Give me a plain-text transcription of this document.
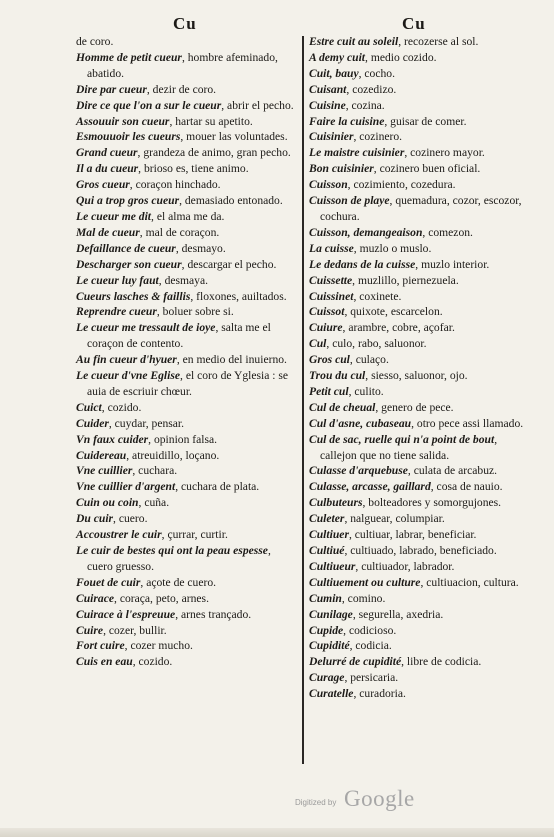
Cu	Cu

de coro.

Homme de petit cueur, hombre afeminado, abatido.

Dire par cueur, dezir de coro.

Dire ce que l'on a sur le cueur, abrir el pecho.

Assouuir son cueur, hartar su apetito.

Esmouuoir les cueurs, mouer las voluntades.

Grand cueur, grandeza de animo, gran pecho.

Il a du cueur, brioso es, tiene animo.

Gros cueur, coraçon hinchado.

Qui a trop gros cueur, demasiado entonado.

Le cueur me dit, el alma me da.

Mal de cueur, mal de coraçon.

Defaillance de cueur, desmayo.

Descharger son cueur, descargar el pecho.

Le cueur luy faut, desmaya.

Cueurs lasches & faillis, floxones, auiltados.

Reprendre cueur, boluer sobre si.

Le cueur me tressault de ioye, salta me el coraçon de contento.

Au fin cueur d'hyuer, en medio del inuierno.

Le cueur d'vne Eglise, el coro de Yglesia : se auia de escriuir chœur.

Cuict, cozido.

Cuider, cuydar, pensar.

Vn faux cuider, opinion falsa.

Cuidereau, atreuidillo, loçano.

Vne cuillier, cuchara.

Vne cuillier d'argent, cuchara de plata.

Cuin ou coin, cuña.

Du cuir, cuero.

Accoustrer le cuir, çurrar, curtir.

Le cuir de bestes qui ont la peau espesse, cuero gruesso.

Fouet de cuir, açote de cuero.

Cuirace, coraça, peto, arnes.

Cuirace à l'espreuue, arnes trançado.

Cuire, cozer, bullir.

Fort cuire, cozer mucho.

Cuis en eau, cozido.

Estre cuit au soleil, recozerse al sol.

A demy cuit, medio cozido.

Cuit, bauy, cocho.

Cuisant, cozedizo.

Cuisine, cozina.

Faire la cuisine, guisar de comer.

Cuisinier, cozinero.

Le maistre cuisinier, cozinero mayor.

Bon cuisinier, cozinero buen oficial.

Cuisson, cozimiento, cozedura.

Cuisson de playe, quemadura, cozor, escozor, cochura.

Cuisson, demangeaison, comezon.

La cuisse, muzlo o muslo.

Le dedans de la cuisse, muzlo interior.

Cuissette, muzlillo, piernezuela.

Cuissinet, coxinete.

Cuissot, quixote, escarcelon.

Cuiure, arambre, cobre, açofar.

Cul, culo, rabo, saluonor.

Gros cul, culaço.

Trou du cul, siesso, saluonor, ojo.

Petit cul, culito.

Cul de cheual, genero de pece.

Cul d'asne, cubaseau, otro pece assi llamado.

Cul de sac, ruelle qui n'a point de bout, callejon que no tiene salida.

Culasse d'arquebuse, culata de arcabuz.

Culasse, arcasse, gaillard, cosa de nauio.

Culbuteurs, bolteadores y somorgujones.

Culeter, nalguear, columpiar.

Cultiuer, cultiuar, labrar, beneficiar.

Cultiué, cultiuado, labrado, beneficiado.

Cultiueur, cultiuador, labrador.

Cultiuement ou culture, cultiuacion, cultura.

Cumin, comino.

Cunilage, segurella, axedria.

Cupide, codicioso.

Cupidité, codicia.

Delurré de cupidité, libre de codicia.

Curage, persicaria.

Curatelle, curadoria.

Digitized by Google
